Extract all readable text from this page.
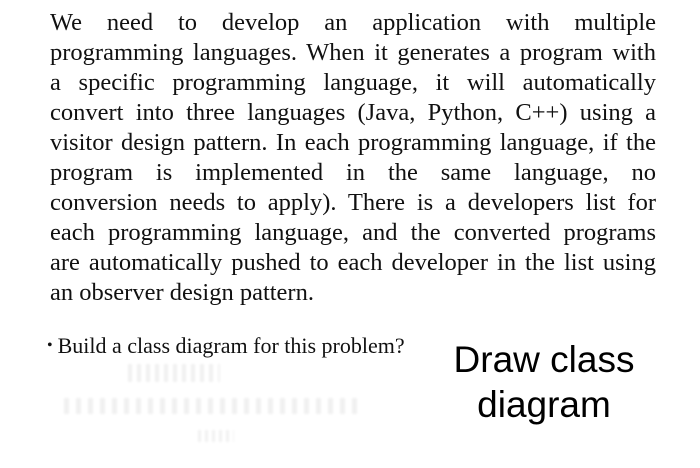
We need to develop an application with multiple
programming languages. When it generates a program with
a specific programming language, it will automatically
convert into three languages (Java, Python, C++) using a
visitor design pattern. In each programming language, if the
program is implemented in the same language, no
conversion needs to apply). There is a developers list for
each programming language, and the converted programs
are automatically pushed to each developer in the list using
an observer design pattern.
• Build a class diagram for this problem?	Draw class
diagram
